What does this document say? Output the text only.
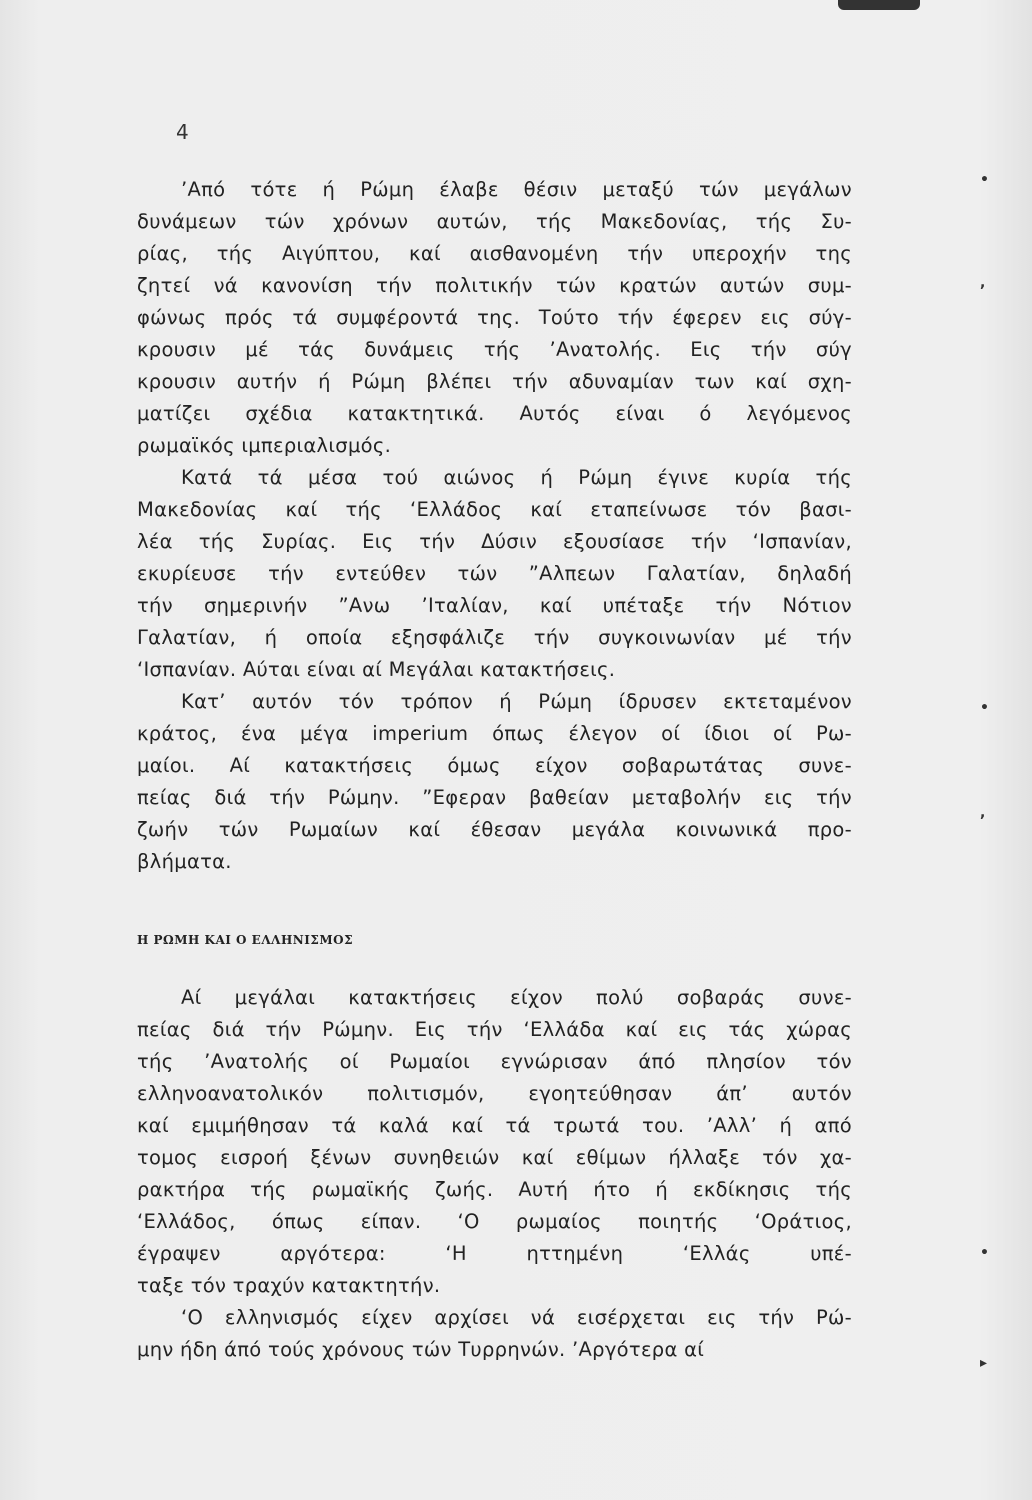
4
’Από τότε ή Ρώμη έλαβε θέσιν μεταξύ τών μεγάλων
δυνάμεων τών χρόνων αυτών, τής Μακεδονίας, τής Συ-
ρίας, τής Αιγύπτου, καί αισθανομένη τήν υπεροχήν της
ζητεί νά κανονίση τήν πολιτικήν τών κρατών αυτών συμ-
φώνως πρός τά συμφέροντά της. Τούτο τήν έφερεν εις σύγ-
κρουσιν μέ τάς δυνάμεις τής ’Ανατολής. Εις τήν σύγ
κρουσιν αυτήν ή Ρώμη βλέπει τήν αδυναμίαν των καί σχη-
ματίζει σχέδια κατακτητικά. Αυτός είναι ό λεγόμενος
ρωμαϊκός ιμπεριαλισμός.
Κατά τά μέσα τού αιώνος ή Ρώμη έγινε κυρία τής
Μακεδονίας καί τής ‘Ελλάδος καί εταπείνωσε τόν βασι-
λέα τής Συρίας. Εις τήν Δύσιν εξουσίασε τήν ‘Ισπανίαν,
εκυρίευσε τήν εντεύθεν τών ”Αλπεων Γαλατίαν, δηλαδή
τήν σημερινήν ”Ανω ’Ιταλίαν, καί υπέταξε τήν Νότιον
Γαλατίαν, ή οποία εξησφάλιζε τήν συγκοινωνίαν μέ τήν
‘Ισπανίαν. Αύται είναι αί Μεγάλαι κατακτήσεις.
Κατ’ αυτόν τόν τρόπον ή Ρώμη ίδρυσεν εκτεταμένον
κράτος, ένα μέγα imperium όπως έλεγον οί ίδιοι οί Ρω-
μαίοι. Αί κατακτήσεις όμως είχον σοβαρωτάτας συνε-
πείας διά τήν Ρώμην. ”Εφεραν βαθείαν μεταβολήν εις τήν
ζωήν τών Ρωμαίων καί έθεσαν μεγάλα κοινωνικά προ-
βλήματα.
Η ΡΩΜΗ ΚΑΙ Ο ΕΛΛΗΝΙΣΜΟΣ
Αί μεγάλαι κατακτήσεις είχον πολύ σοβαράς συνε-
πείας διά τήν Ρώμην. Εις τήν ‘Ελλάδα καί εις τάς χώρας
τής ’Ανατολής οί Ρωμαίοι εγνώρισαν άπό πλησίον τόν
ελληνοανατολικόν πολιτισμόν, εγοητεύθησαν άπ’ αυτόν
καί εμιμήθησαν τά καλά καί τά τρωτά του. ’Αλλ’ ή από
τομος εισροή ξένων συνηθειών καί εθίμων ήλλαξε τόν χα-
ρακτήρα τής ρωμαϊκής ζωής. Αυτή ήτο ή εκδίκησις τής
‘Ελλάδος, όπως είπαν. ‘Ο ρωμαίος ποιητής ‘Οράτιος,
έγραψεν αργότερα: ‘Η ηττημένη ‘Ελλάς υπέ-
ταξε τόν τραχύν κατακτητήν.
‘Ο ελληνισμός είχεν αρχίσει νά εισέρχεται εις τήν Ρώ-
μην ήδη άπό τούς χρόνους τών Τυρρηνών. ’Αργότερα αί
•
,
•
,
•
▸
